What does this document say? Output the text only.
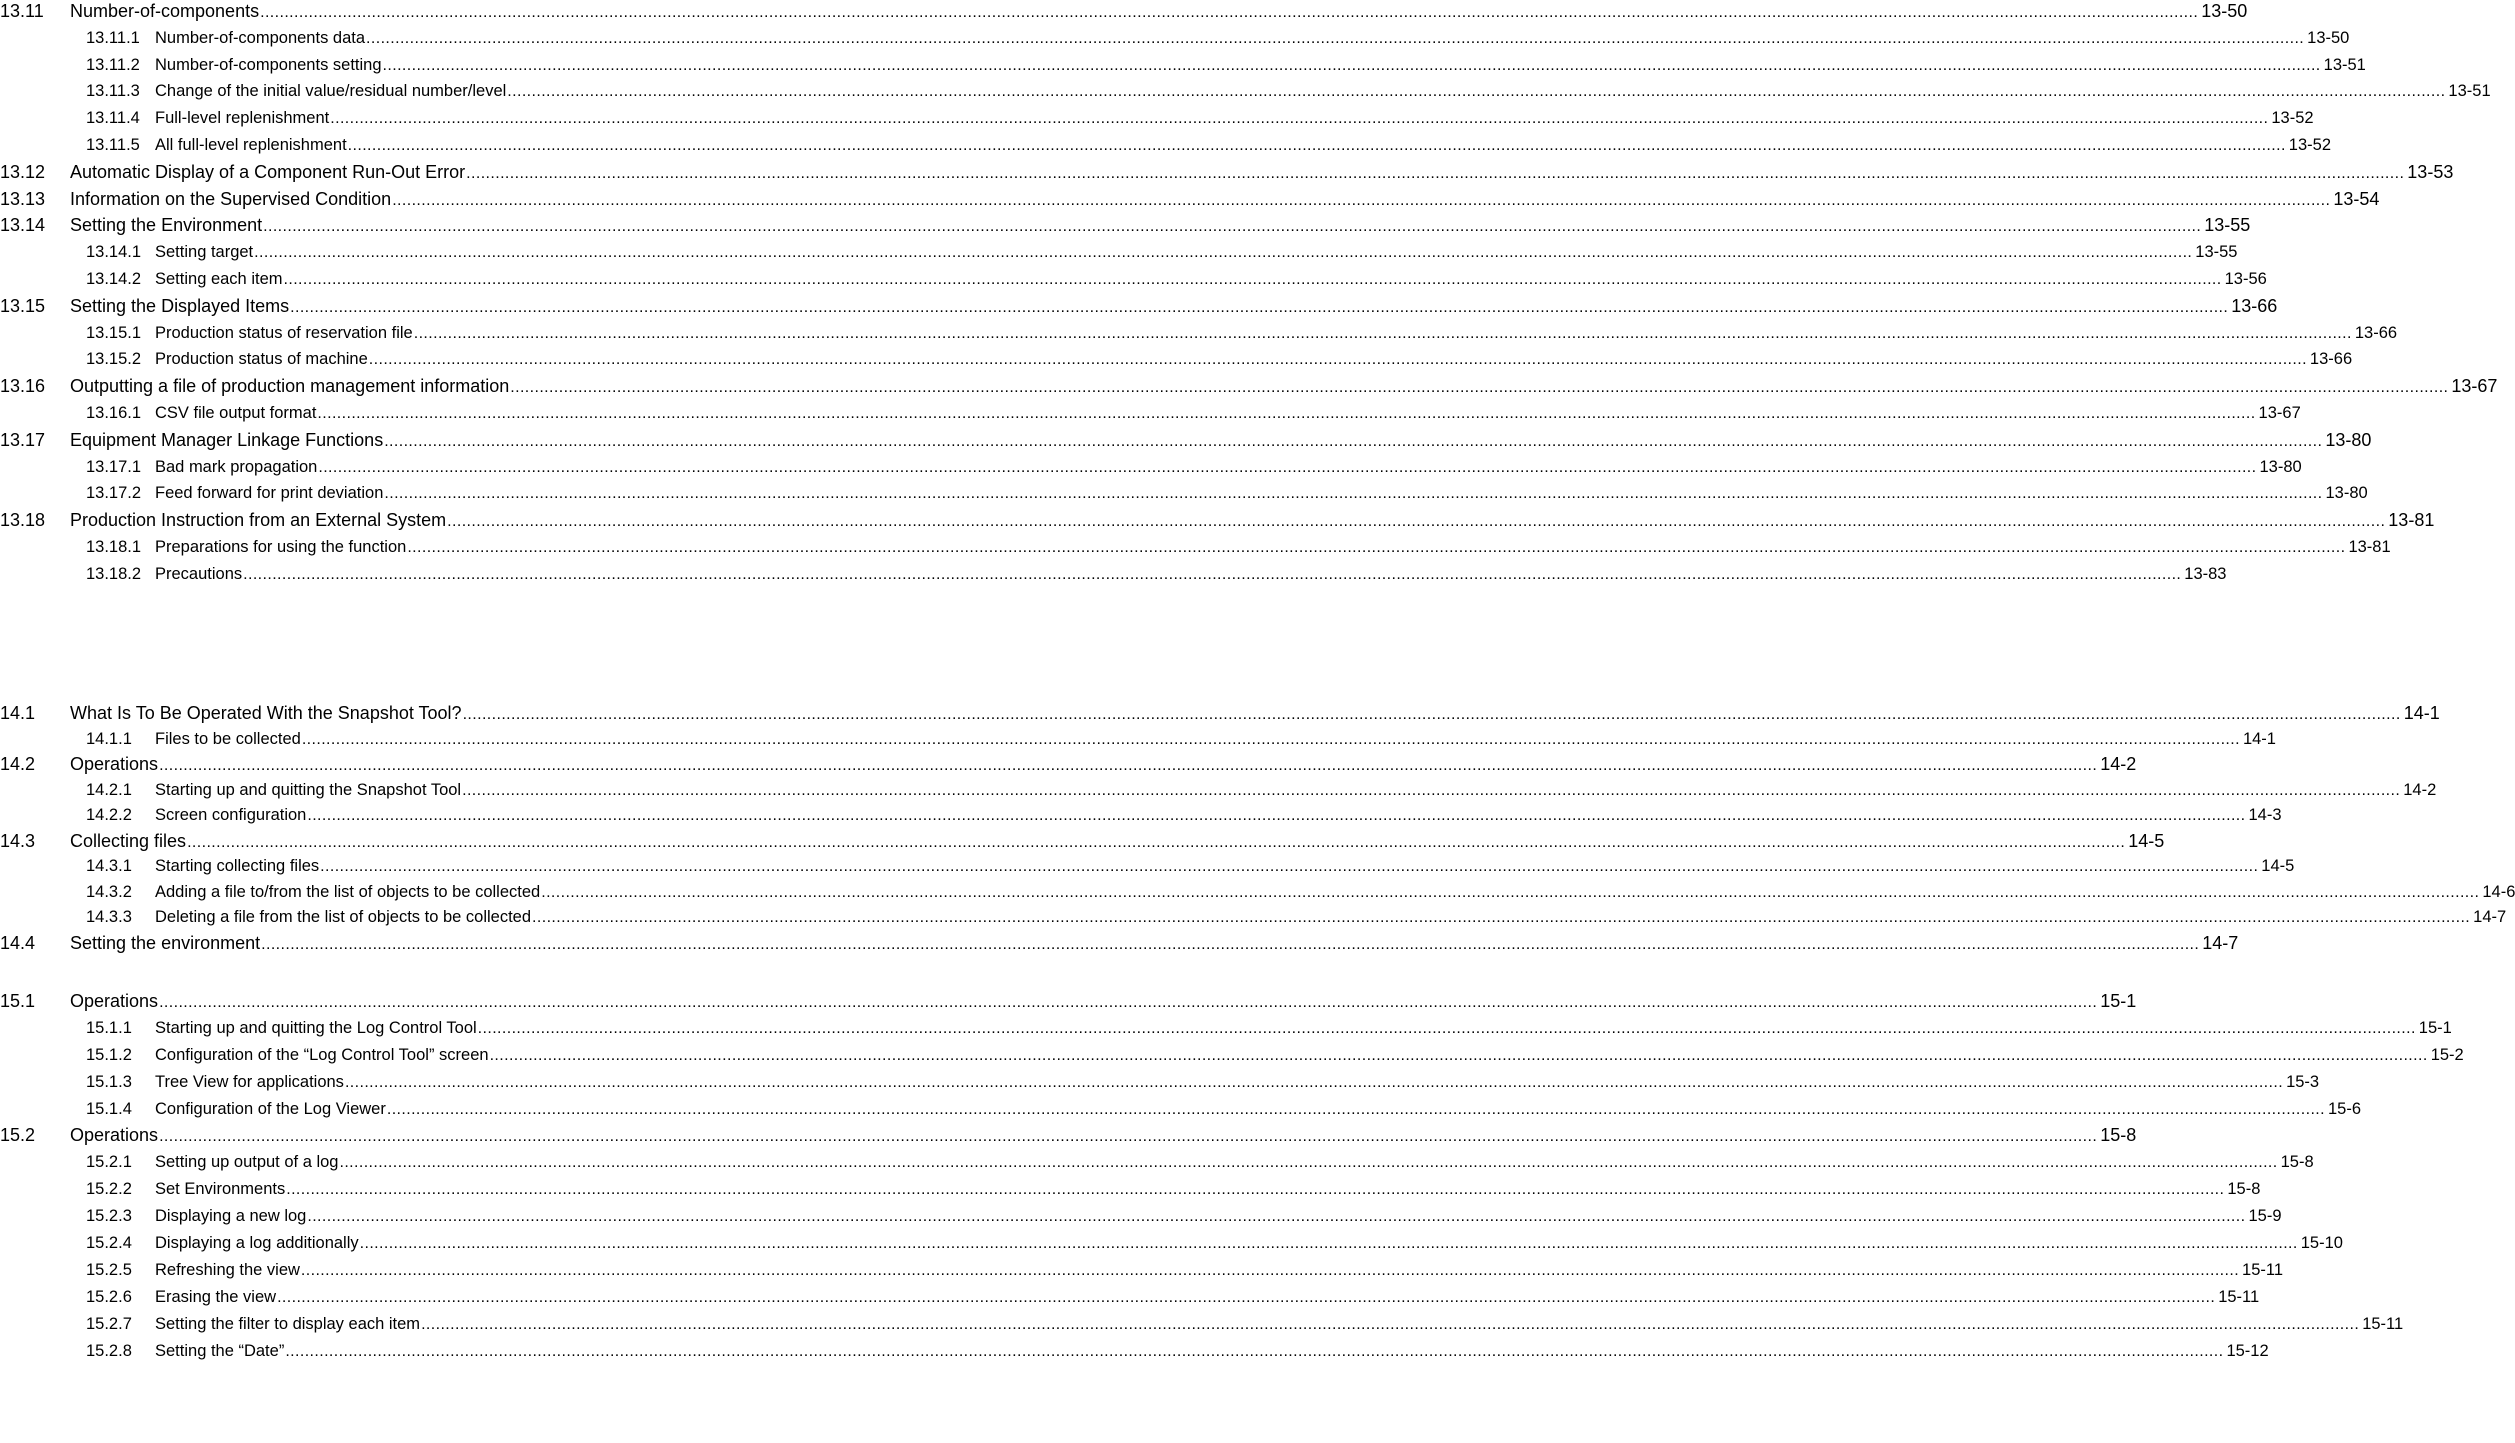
13.11	Number-of-components ................................................................................................................................................................................................................................................................................................................................................................................................................ 13-50
13.11.1 Number-of-components data ................................................................................................................................................................................................................................................................................................................................................................................................................ 13-50
13.11.2 Number-of-components setting ................................................................................................................................................................................................................................................................................................................................................................................................................ 13-51
13.11.3 Change of the initial value/residual number/level ................................................................................................................................................................................................................................................................................................................................................................................................................ 13-51
13.11.4 Full-level replenishment ................................................................................................................................................................................................................................................................................................................................................................................................................ 13-52
13.11.5 All full-level replenishment ................................................................................................................................................................................................................................................................................................................................................................................................................ 13-52
13.12	Automatic Display of a Component Run-Out Error ................................................................................................................................................................................................................................................................................................................................................................................................................ 13-53
13.13	Information on the Supervised Condition ................................................................................................................................................................................................................................................................................................................................................................................................................ 13-54
13.14	Setting the Environment ................................................................................................................................................................................................................................................................................................................................................................................................................ 13-55
13.14.1 Setting target ................................................................................................................................................................................................................................................................................................................................................................................................................ 13-55
13.14.2 Setting each item ................................................................................................................................................................................................................................................................................................................................................................................................................ 13-56
13.15	Setting the Displayed Items ................................................................................................................................................................................................................................................................................................................................................................................................................ 13-66
13.15.1 Production status of reservation file ................................................................................................................................................................................................................................................................................................................................................................................................................ 13-66
13.15.2 Production status of machine ................................................................................................................................................................................................................................................................................................................................................................................................................ 13-66
13.16	Outputting a file of production management information ................................................................................................................................................................................................................................................................................................................................................................................................................ 13-67
13.16.1 CSV file output format ................................................................................................................................................................................................................................................................................................................................................................................................................ 13-67
13.17	Equipment Manager Linkage Functions ................................................................................................................................................................................................................................................................................................................................................................................................................ 13-80
13.17.1 Bad mark propagation ................................................................................................................................................................................................................................................................................................................................................................................................................ 13-80
13.17.2 Feed forward for print deviation ................................................................................................................................................................................................................................................................................................................................................................................................................ 13-80
13.18	Production Instruction from an External System ................................................................................................................................................................................................................................................................................................................................................................................................................ 13-81
13.18.1 Preparations for using the function ................................................................................................................................................................................................................................................................................................................................................................................................................ 13-81
13.18.2 Precautions ................................................................................................................................................................................................................................................................................................................................................................................................................ 13-83
14.1	What Is To Be Operated With the Snapshot Tool? ................................................................................................................................................................................................................................................................................................................................................................................................................ 14-1
14.1.1	Files to be collected ................................................................................................................................................................................................................................................................................................................................................................................................................ 14-1
14.2	Operations ................................................................................................................................................................................................................................................................................................................................................................................................................ 14-2
14.2.1	Starting up and quitting the Snapshot Tool ................................................................................................................................................................................................................................................................................................................................................................................................................ 14-2
14.2.2	Screen configuration ................................................................................................................................................................................................................................................................................................................................................................................................................ 14-3
14.3	Collecting files ................................................................................................................................................................................................................................................................................................................................................................................................................ 14-5
14.3.1	Starting collecting files ................................................................................................................................................................................................................................................................................................................................................................................................................ 14-5
14.3.2	Adding a file to/from the list of objects to be collected ................................................................................................................................................................................................................................................................................................................................................................................................................ 14-6
14.3.3	Deleting a file from the list of objects to be collected ................................................................................................................................................................................................................................................................................................................................................................................................................ 14-7
14.4	Setting the environment ................................................................................................................................................................................................................................................................................................................................................................................................................ 14-7
15.1	Operations ................................................................................................................................................................................................................................................................................................................................................................................................................ 15-1
15.1.1	Starting up and quitting the Log Control Tool ................................................................................................................................................................................................................................................................................................................................................................................................................ 15-1
15.1.2	Configuration of the “Log Control Tool” screen ................................................................................................................................................................................................................................................................................................................................................................................................................ 15-2
15.1.3	Tree View for applications ................................................................................................................................................................................................................................................................................................................................................................................................................ 15-3
15.1.4	Configuration of the Log Viewer ................................................................................................................................................................................................................................................................................................................................................................................................................ 15-6
15.2	Operations ................................................................................................................................................................................................................................................................................................................................................................................................................ 15-8
15.2.1	Setting up output of a log ................................................................................................................................................................................................................................................................................................................................................................................................................ 15-8
15.2.2	Set Environments ................................................................................................................................................................................................................................................................................................................................................................................................................ 15-8
15.2.3	Displaying a new log ................................................................................................................................................................................................................................................................................................................................................................................................................ 15-9
15.2.4	Displaying a log additionally ................................................................................................................................................................................................................................................................................................................................................................................................................ 15-10
15.2.5	Refreshing the view ................................................................................................................................................................................................................................................................................................................................................................................................................ 15-11
15.2.6	Erasing the view ................................................................................................................................................................................................................................................................................................................................................................................................................ 15-11
15.2.7	Setting the filter to display each item ................................................................................................................................................................................................................................................................................................................................................................................................................ 15-11
15.2.8	Setting the “Date” ................................................................................................................................................................................................................................................................................................................................................................................................................ 15-12
